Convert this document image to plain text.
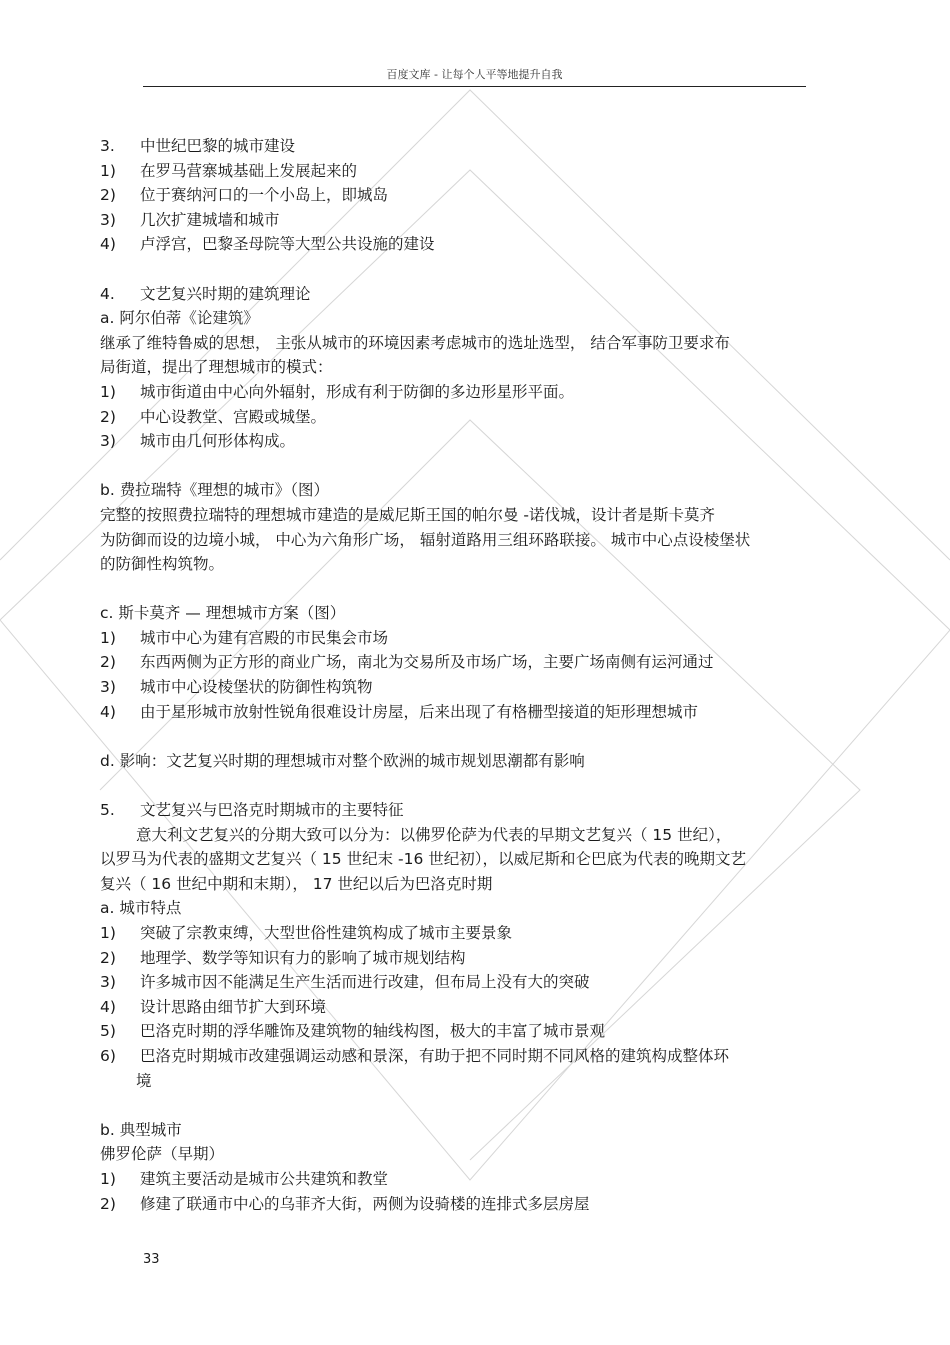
百度文库 - 让每个人平等地提升自我
3. 中世纪巴黎的城市建设
1) 在罗马营寨城基础上发展起来的
2) 位于赛纳河口的一个小岛上，即城岛
3) 几次扩建城墙和城市
4) 卢浮宫，巴黎圣母院等大型公共设施的建设
4. 文艺复兴时期的建筑理论
a. 阿尔伯蒂《论建筑》
继承了维特鲁威的思想， 主张从城市的环境因素考虑城市的选址选型， 结合军事防卫要求布
局街道，提出了理想城市的模式：
1) 城市街道由中心向外辐射，形成有利于防御的多边形星形平面。
2) 中心设教堂、宫殿或城堡。
3) 城市由几何形体构成。
b. 费拉瑞特《理想的城市》（图）
完整的按照费拉瑞特的理想城市建造的是威尼斯王国的帕尔曼 -诺伐城，设计者是斯卡莫齐
为防御而设的边境小城， 中心为六角形广场， 辐射道路用三组环路联接。 城市中心点设棱堡状
的防御性构筑物。
c. 斯卡莫齐 — 理想城市方案（图）
1) 城市中心为建有宫殿的市民集会市场
2) 东西两侧为正方形的商业广场，南北为交易所及市场广场，主要广场南侧有运河通过
3) 城市中心设棱堡状的防御性构筑物
4) 由于星形城市放射性锐角很难设计房屋，后来出现了有格栅型接道的矩形理想城市
d. 影响：文艺复兴时期的理想城市对整个欧洲的城市规划思潮都有影响
5. 文艺复兴与巴洛克时期城市的主要特征
意大利文艺复兴的分期大致可以分为：以佛罗伦萨为代表的早期文艺复兴（ 15 世纪），
以罗马为代表的盛期文艺复兴（ 15 世纪末 -16 世纪初），以威尼斯和仑巴底为代表的晚期文艺
复兴（ 16 世纪中期和末期）， 17 世纪以后为巴洛克时期
a. 城市特点
1) 突破了宗教束缚，大型世俗性建筑构成了城市主要景象
2) 地理学、数学等知识有力的影响了城市规划结构
3) 许多城市因不能满足生产生活而进行改建，但布局上没有大的突破
4) 设计思路由细节扩大到环境
5) 巴洛克时期的浮华雕饰及建筑物的轴线构图，极大的丰富了城市景观
6) 巴洛克时期城市改建强调运动感和景深，有助于把不同时期不同风格的建筑构成整体环
境
b. 典型城市
佛罗伦萨（早期）
1) 建筑主要活动是城市公共建筑和教堂
2) 修建了联通市中心的乌菲齐大街，两侧为设骑楼的连排式多层房屋
33
